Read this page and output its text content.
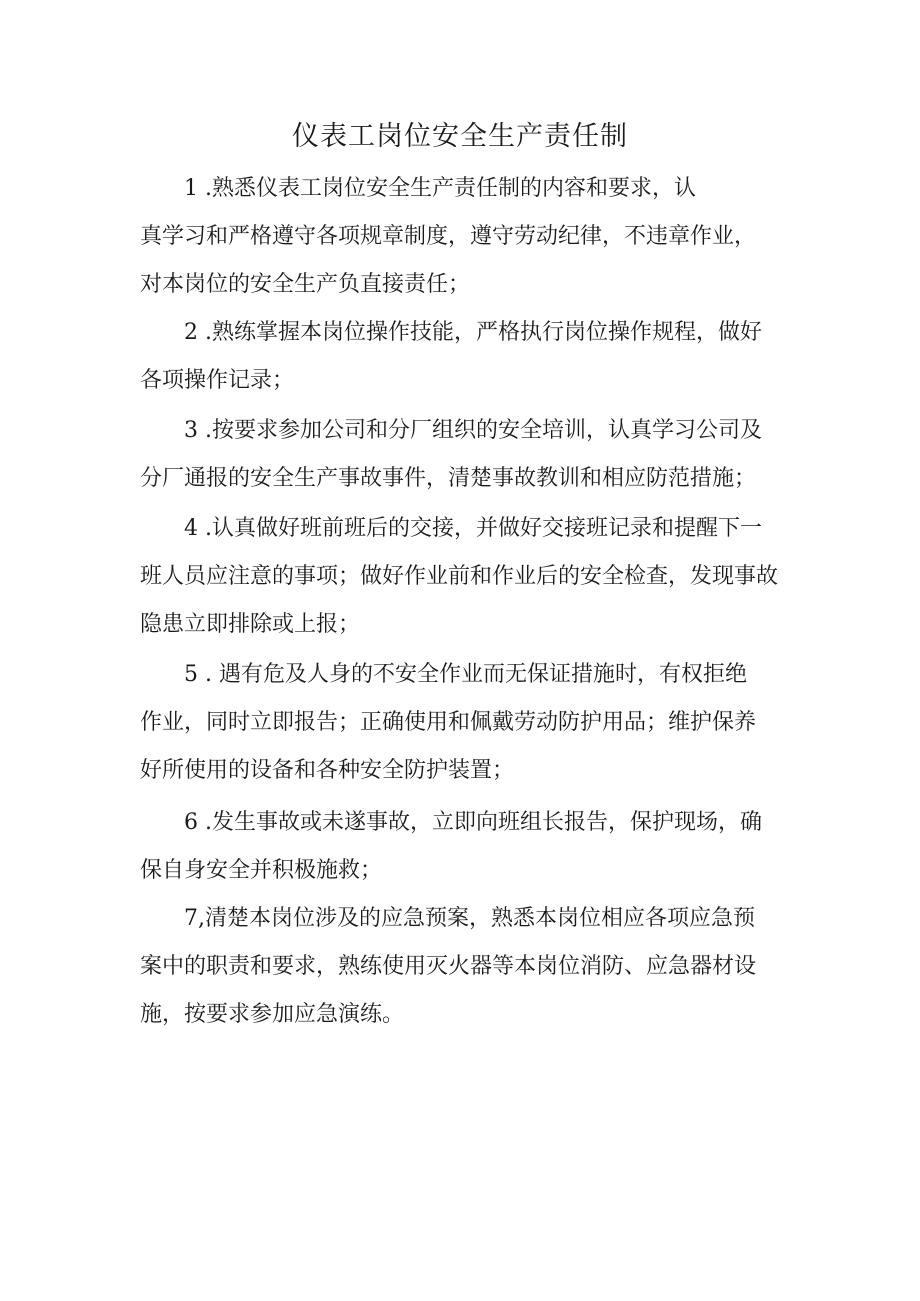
仪表工岗位安全生产责任制

1 .熟悉仪表工岗位安全生产责任制的内容和要求，认

真学习和严格遵守各项规章制度，遵守劳动纪律，不违章作业，

对本岗位的安全生产负直接责任；

2 .熟练掌握本岗位操作技能，严格执行岗位操作规程，做好

各项操作记录；

3 .按要求参加公司和分厂组织的安全培训，认真学习公司及

分厂通报的安全生产事故事件，清楚事故教训和相应防范措施；

4 .认真做好班前班后的交接，并做好交接班记录和提醒下一

班人员应注意的事项；做好作业前和作业后的安全检查，发现事故

隐患立即排除或上报；

5 . 遇有危及人身的不安全作业而无保证措施时，有权拒绝

作业，同时立即报告；正确使用和佩戴劳动防护用品；维护保养

好所使用的设备和各种安全防护装置；

6 .发生事故或未遂事故，立即向班组长报告，保护现场，确

保自身安全并积极施救；

7,清楚本岗位涉及的应急预案，熟悉本岗位相应各项应急预

案中的职责和要求，熟练使用灭火器等本岗位消防、应急器材设

施，按要求参加应急演练。
